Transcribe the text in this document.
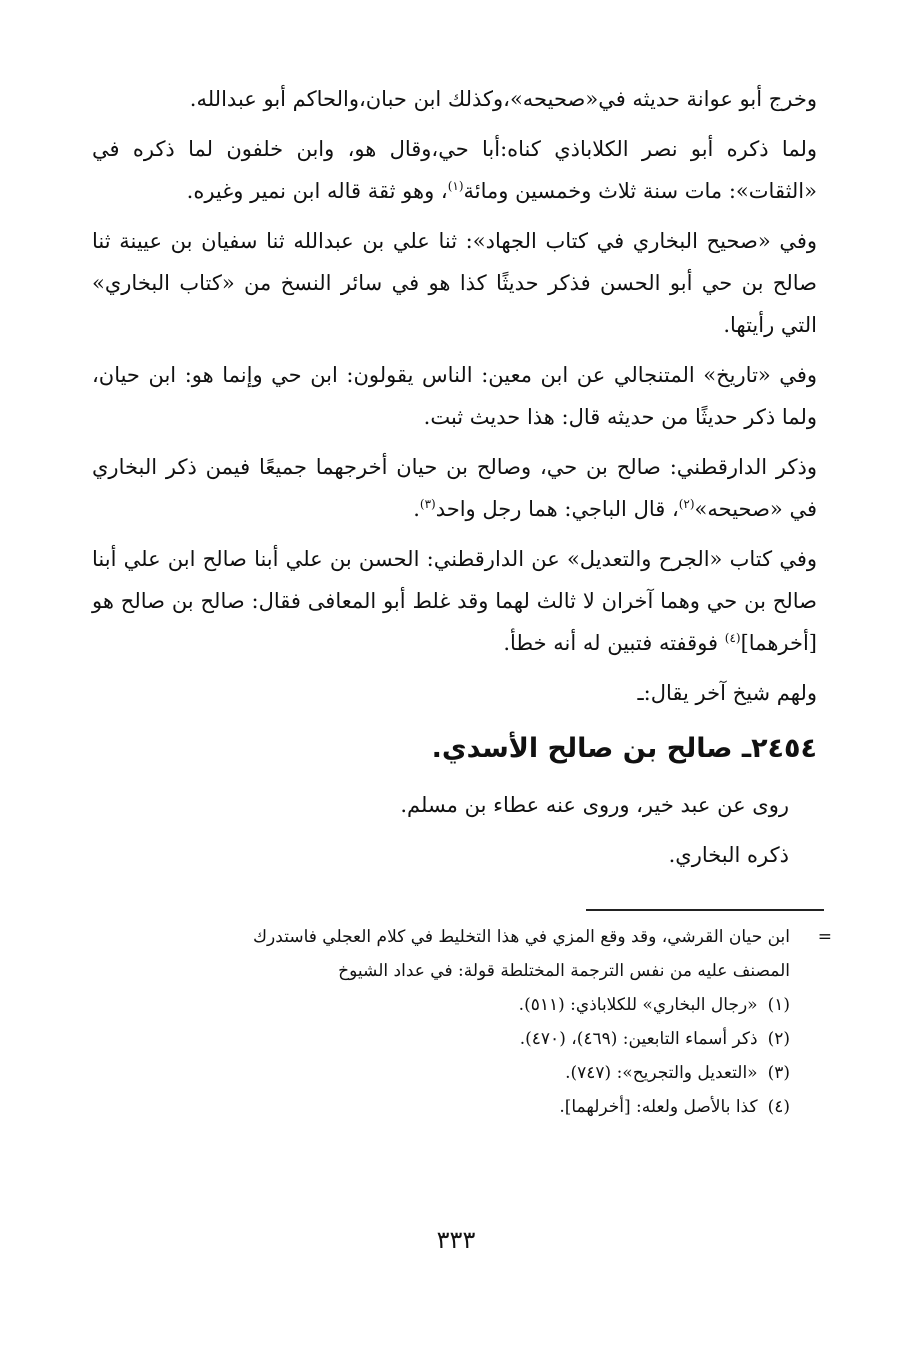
وخرج أبو عوانة حديثه في«صحيحه»،وكذلك ابن حبان،والحاكم أبو عبدالله.

ولما ذكره أبو نصر الكلاباذي كناه:أبا حي،وقال هو، وابن خلفون لما ذكره في «الثقات»: مات سنة ثلاث وخمسين ومائة$^{(١)}$، وهو ثقة قاله ابن نمير وغيره.

وفي «صحيح البخاري في كتاب الجهاد»: ثنا علي بن عبدالله ثنا سفيان بن عيينة ثنا صالح بن حي أبو الحسن فذكر حديثًا كذا هو في سائر النسخ من «كتاب البخاري» التي رأيتها.

وفي «تاريخ» المتنجالي عن ابن معين: الناس يقولون: ابن حي وإنما هو: ابن حيان، ولما ذكر حديثًا من حديثه قال: هذا حديث ثبت.

وذكر الدارقطني: صالح بن حي، وصالح بن حيان أخرجهما جميعًا فيمن ذكر البخاري في «صحيحه»$^{(٢)}$، قال الباجي: هما رجل واحد$^{(٣)}$.

وفي كتاب «الجرح والتعديل» عن الدارقطني: الحسن بن علي أبنا صالح ابن علي أبنا صالح بن حي وهما آخران لا ثالث لهما وقد غلط أبو المعافى فقال: صالح بن صالح هو [أخرهما]$^{(٤)}$ فوقفته فتبين له أنه خطأ.

ولهم شيخ آخر يقال:ـ

٢٤٥٤ـ صالح بن صالح الأسدي.

روى عن عبد خير، وروى عنه عطاء بن مسلم.

ذكره البخاري.

=
ابن حيان القرشي، وقد وقع المزي في هذا التخليط في كلام العجلي فاستدرك
المصنف عليه من نفس الترجمة المختلطة قولة: في عداد الشيوخ

(١)«رجال البخاري» للكلاباذي: (٥١١).

(٢)ذكر أسماء التابعين: (٤٦٩)، (٤٧٠).

(٣)«التعديل والتجريح»: (٧٤٧).

(٤)كذا بالأصل ولعله: [أخرلهما].

٣٣٣
